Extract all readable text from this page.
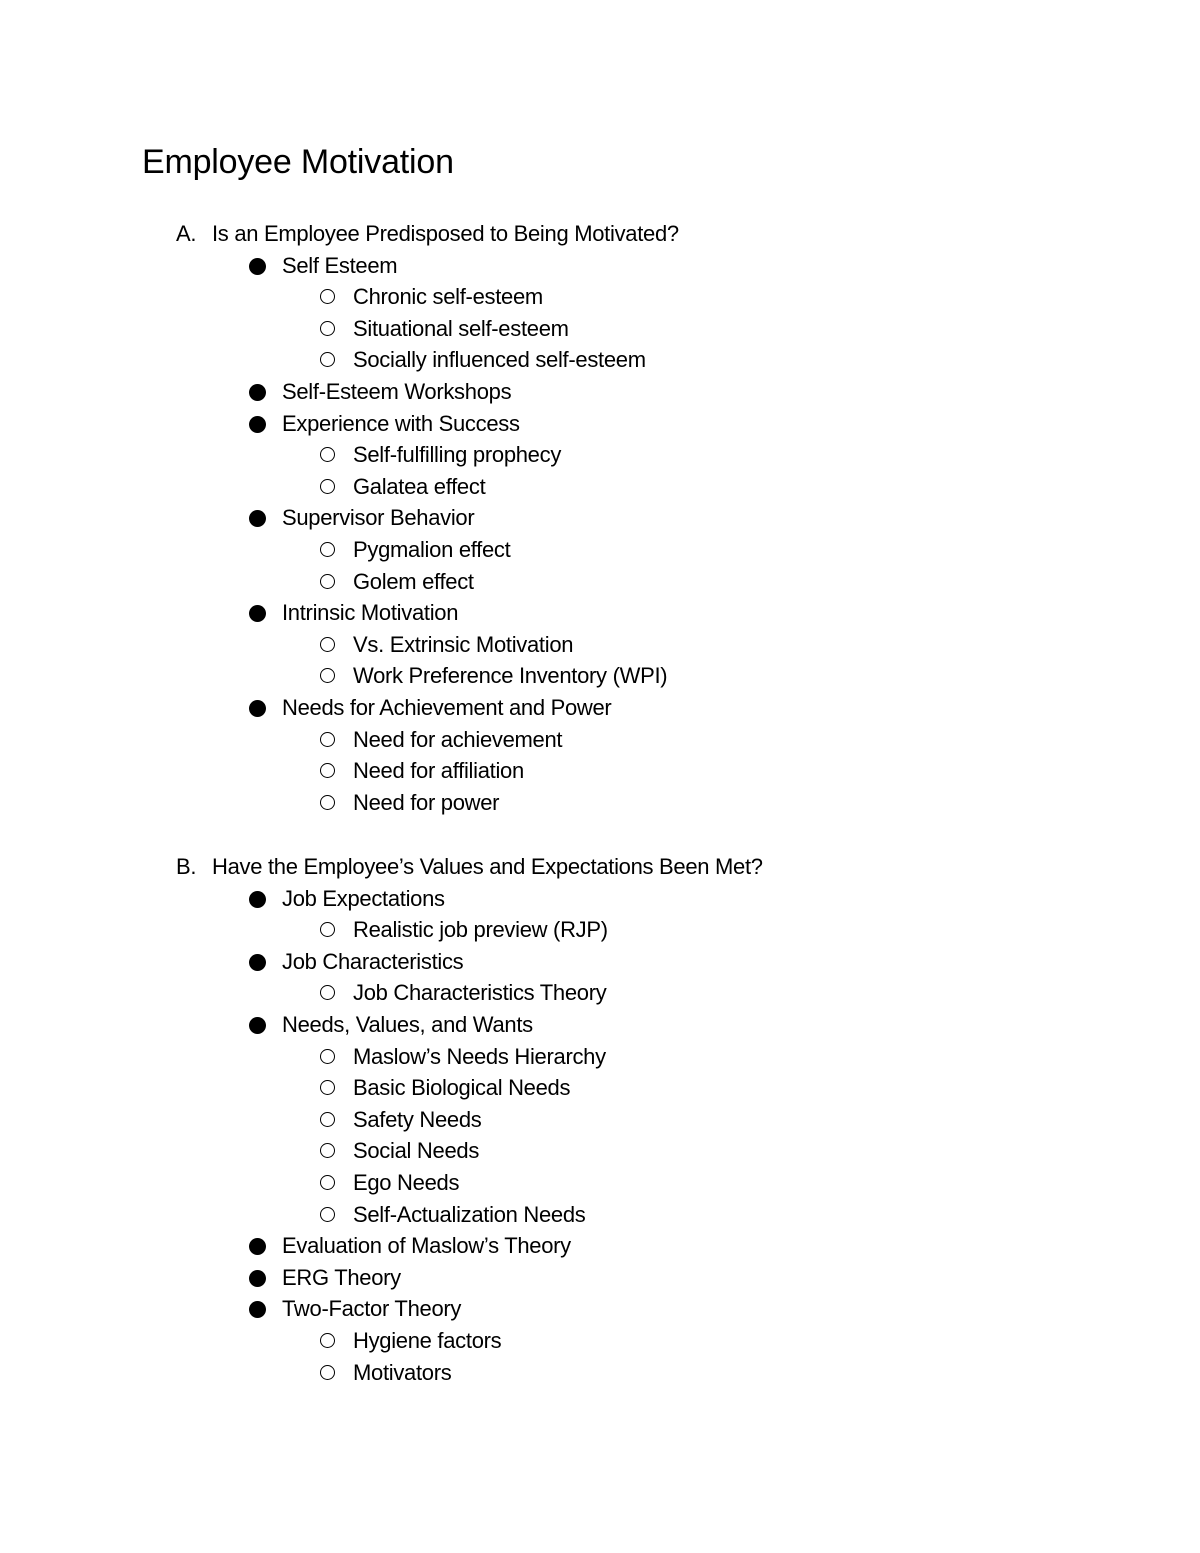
Employee Motivation
A. Is an Employee Predisposed to Being Motivated?
Self Esteem
Chronic self-esteem
Situational self-esteem
Socially influenced self-esteem
Self-Esteem Workshops
Experience with Success
Self-fulfilling prophecy
Galatea effect
Supervisor Behavior
Pygmalion effect
Golem effect
Intrinsic Motivation
Vs. Extrinsic Motivation
Work Preference Inventory (WPI)
Needs for Achievement and Power
Need for achievement
Need for affiliation
Need for power
B. Have the Employee’s Values and Expectations Been Met?
Job Expectations
Realistic job preview (RJP)
Job Characteristics
Job Characteristics Theory
Needs, Values, and Wants
Maslow’s Needs Hierarchy
Basic Biological Needs
Safety Needs
Social Needs
Ego Needs
Self-Actualization Needs
Evaluation of Maslow’s Theory
ERG Theory
Two-Factor Theory
Hygiene factors
Motivators
